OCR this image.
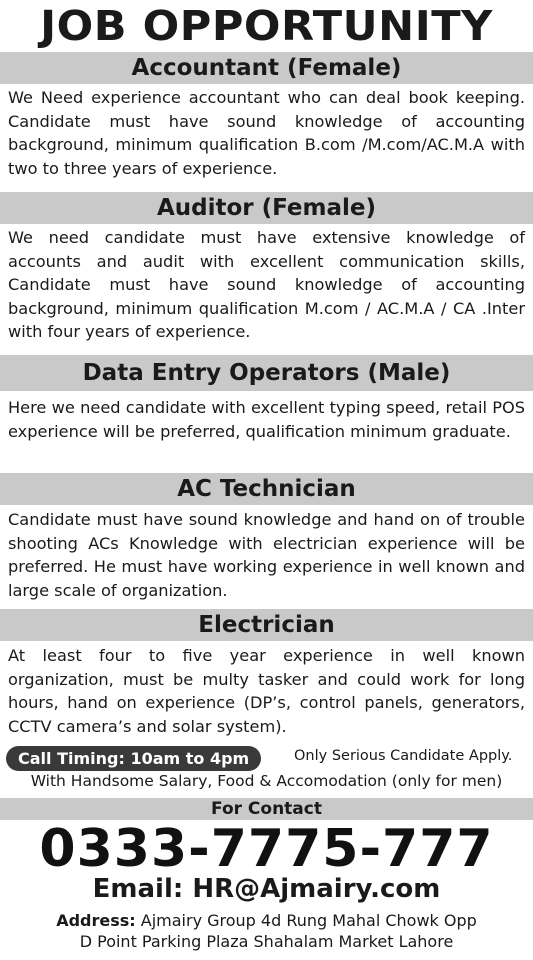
JOB OPPORTUNITY
Accountant (Female)
We Need experience accountant who can deal book keeping. Candidate must have sound knowledge of accounting background, minimum qualification B.com /M.com/AC.M.A with two to three years of experience.
Auditor (Female)
We need candidate must have extensive knowledge of accounts and audit with excellent communication skills, Candidate must have sound knowledge of accounting background, minimum qualification M.com / AC.M.A / CA .Inter with four years of experience.
Data Entry Operators (Male)
Here we need candidate with excellent typing speed, retail POS experience will be preferred, qualification minimum graduate.
AC Technician
Candidate must have sound knowledge and hand on of trouble shooting ACs Knowledge with electrician experience will be preferred. He must have working experience in well known and large scale of organization.
Electrician
At least four to five year experience in well known organization, must be multy tasker and could work for long hours, hand on experience (DP’s, control panels, generators, CCTV camera’s and solar system).
Call Timing: 10am to 4pm	Only Serious Candidate Apply.
With Handsome Salary, Food & Accomodation (only for men)
For Contact
0333-7775-777
Email: HR@Ajmairy.com
Address: Ajmairy Group 4d Rung Mahal Chowk Opp
D Point Parking Plaza Shahalam Market Lahore
